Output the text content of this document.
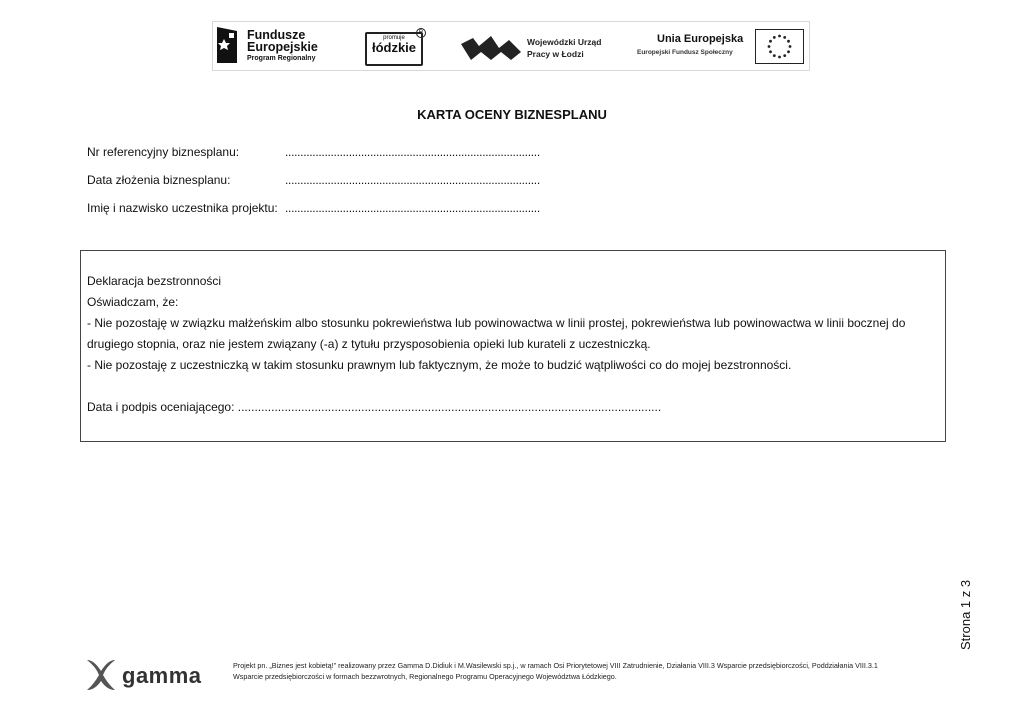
Fundusze
Europejskie
Program Regionalny
promuje
łódzkie
R
Wojewódzki Urząd
Pracy w Łodzi
Unia Europejska
Europejski Fundusz Społeczny
KARTA OCENY BIZNESPLANU
Nr referencyjny biznesplanu:	....................................................................................
Data złożenia biznesplanu:	....................................................................................
Imię i nazwisko uczestnika projektu: ....................................................................................
Deklaracja bezstronności
Oświadczam, że:
- Nie pozostaję w związku małżeńskim albo stosunku pokrewieństwa lub powinowactwa w linii prostej, pokrewieństwa lub powinowactwa w linii bocznej do
drugiego stopnia, oraz nie jestem związany (-a) z tytułu przysposobienia opieki lub kurateli z uczestniczką.
- Nie pozostaję z uczestniczką w takim stosunku prawnym lub faktycznym, że może to budzić wątpliwości co do mojej bezstronności.
Data i podpis oceniającego: ...............................................................................................................................
Strona 1 z 3
gamma	Projekt pn. „Biznes jest kobietą!” realizowany przez Gamma D.Didiuk i M.Wasilewski sp.j., w ramach Osi Priorytetowej VIII Zatrudnienie, Działania VIII.3 Wsparcie przedsiębiorczości, Poddziałania VIII.3.1
Wsparcie przedsiębiorczości w formach bezzwrotnych, Regionalnego Programu Operacyjnego Województwa Łódzkiego.
